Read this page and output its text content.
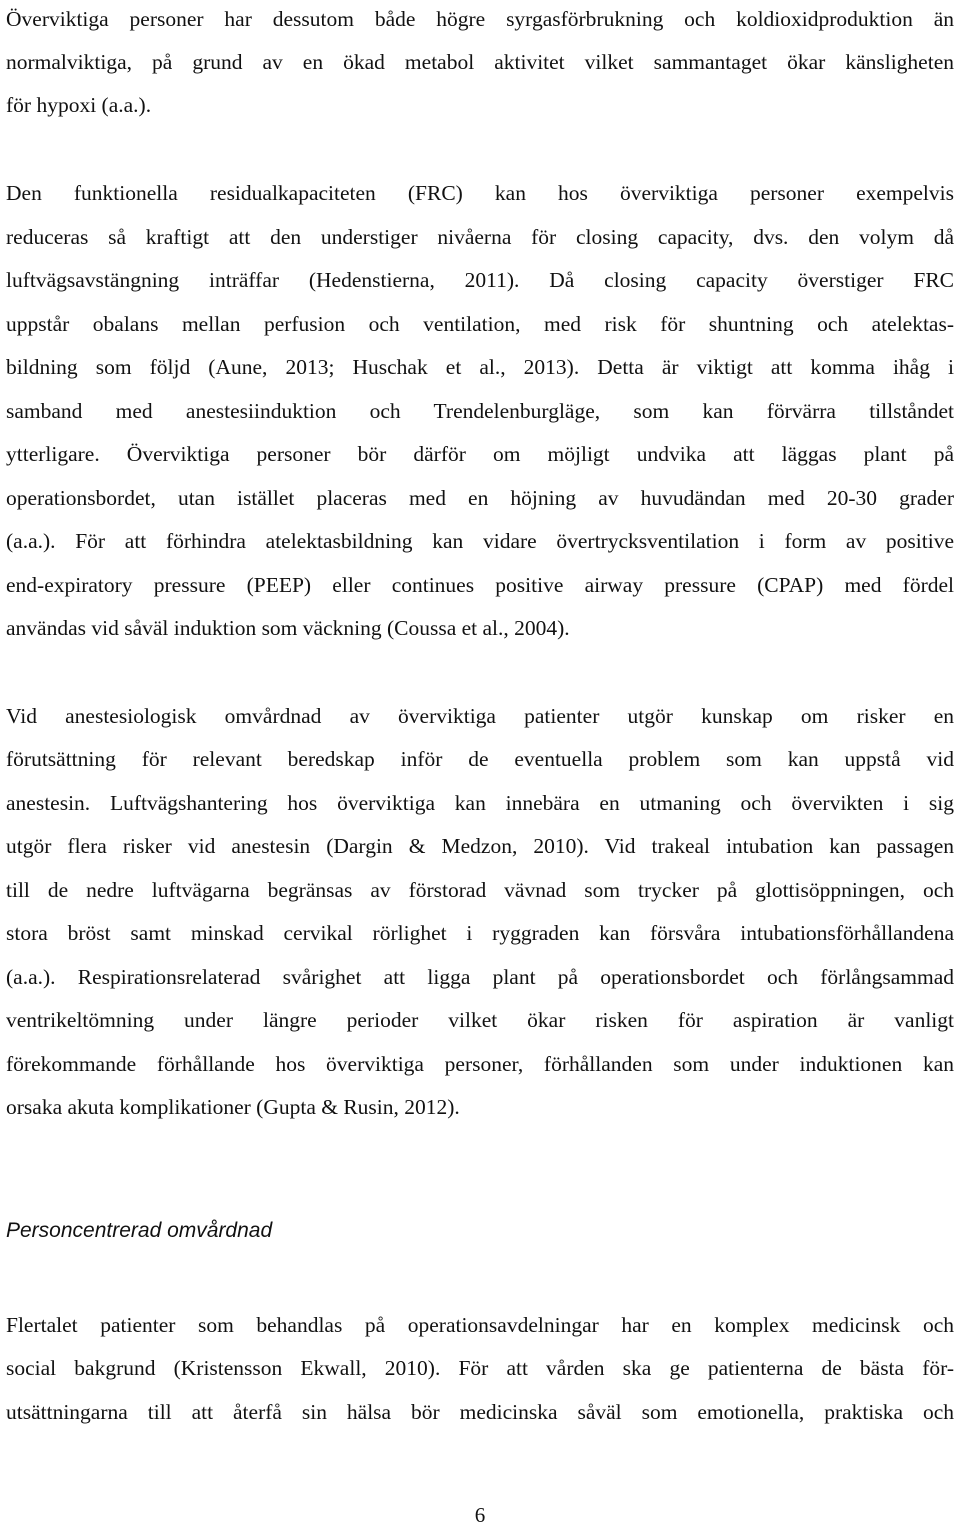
Överviktiga personer har dessutom både högre syrgasförbrukning och koldioxidproduktion än
normalviktiga, på grund av en ökad metabol aktivitet vilket sammantaget ökar känsligheten
för hypoxi (a.a.).
Den funktionella residualkapaciteten (FRC) kan hos överviktiga personer exempelvis
reduceras så kraftigt att den understiger nivåerna för closing capacity, dvs. den volym då
luftvägsavstängning inträffar (Hedenstierna, 2011). Då closing capacity överstiger FRC
uppstår obalans mellan perfusion och ventilation, med risk för shuntning och atelektas-
bildning som följd (Aune, 2013; Huschak et al., 2013). Detta är viktigt att komma ihåg i
samband med anestesiinduktion och Trendelenburgläge, som kan förvärra tillståndet
ytterligare. Överviktiga personer bör därför om möjligt undvika att läggas plant på
operationsbordet, utan istället placeras med en höjning av huvudändan med 20-30 grader
(a.a.). För att förhindra atelektasbildning kan vidare övertrycksventilation i form av positive
end-expiratory pressure (PEEP) eller continues positive airway pressure (CPAP) med fördel
användas vid såväl induktion som väckning (Coussa et al., 2004).
Vid anestesiologisk omvårdnad av överviktiga patienter utgör kunskap om risker en
förutsättning för relevant beredskap inför de eventuella problem som kan uppstå vid
anestesin. Luftvägshantering hos överviktiga kan innebära en utmaning och övervikten i sig
utgör flera risker vid anestesin (Dargin & Medzon, 2010). Vid trakeal intubation kan passagen
till de nedre luftvägarna begränsas av förstorad vävnad som trycker på glottisöppningen, och
stora bröst samt minskad cervikal rörlighet i ryggraden kan försvåra intubationsförhållandena
(a.a.). Respirationsrelaterad svårighet att ligga plant på operationsbordet och förlångsammad
ventrikeltömning under längre perioder vilket ökar risken för aspiration är vanligt
förekommande förhållande hos överviktiga personer, förhållanden som under induktionen kan
orsaka akuta komplikationer (Gupta & Rusin, 2012).
Personcentrerad omvårdnad
Flertalet patienter som behandlas på operationsavdelningar har en komplex medicinsk och
social bakgrund (Kristensson Ekwall, 2010). För att vården ska ge patienterna de bästa för-
utsättningarna till att återfå sin hälsa bör medicinska såväl som emotionella, praktiska och
6
